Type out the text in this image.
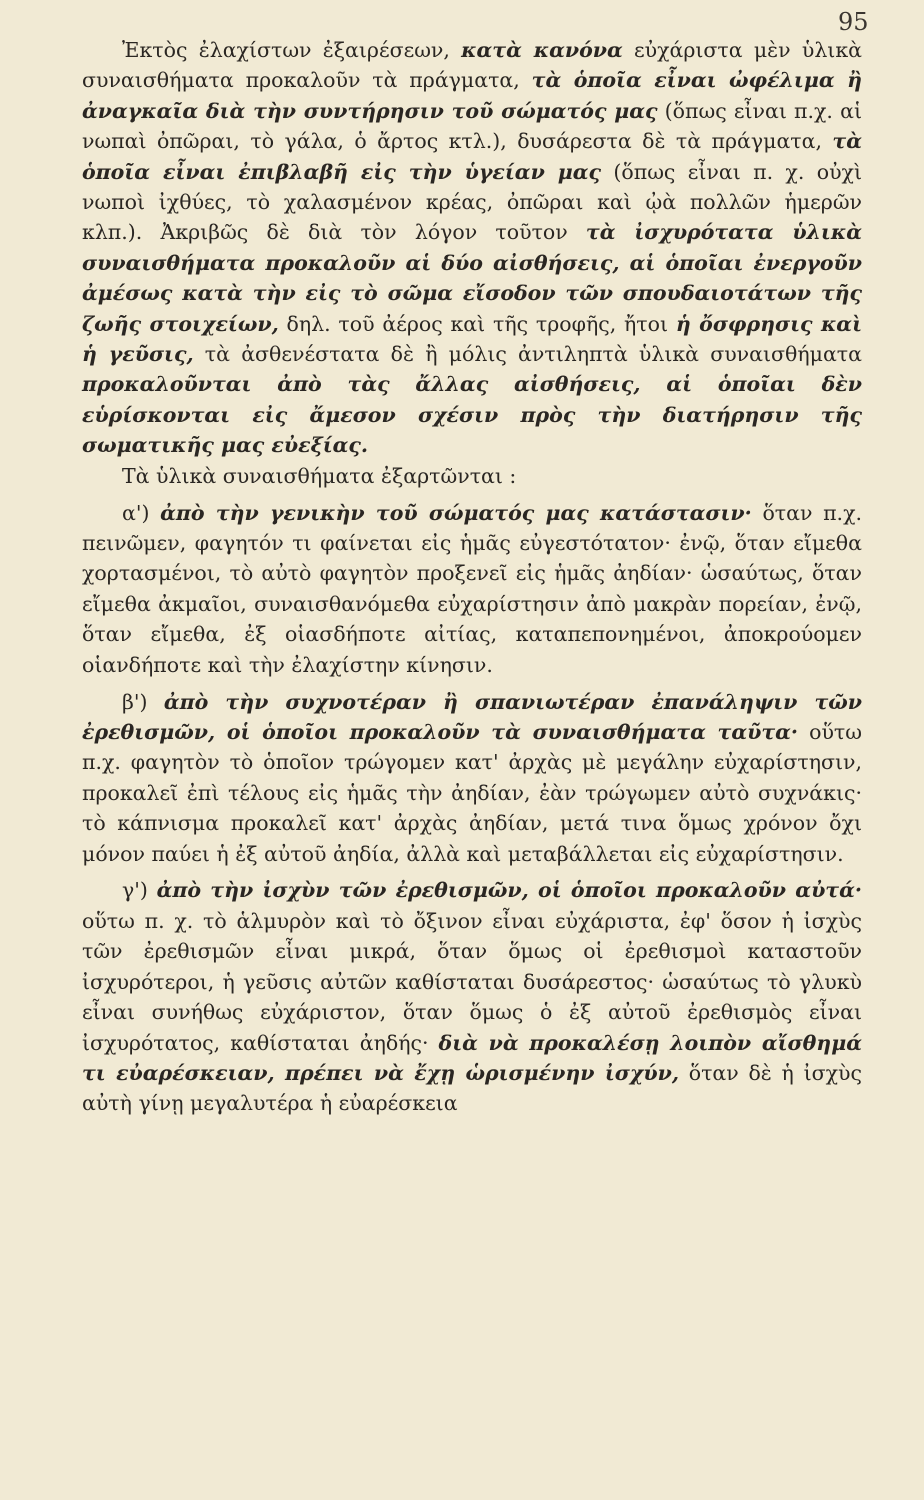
95

Ἐκτὸς ἐλαχίστων ἐξαιρέσεων, κατὰ κανόνα εὐχάριστα μὲν ὑλικὰ συναισθήματα προκαλοῦν τὰ πράγματα, τὰ ὁποῖα εἶναι ὠφέλιμα ἢ ἀναγκαῖα διὰ τὴν συντήρησιν τοῦ σώματός μας (ὅπως εἶναι π.χ. αἱ νωπαὶ ὀπῶραι, τὸ γάλα, ὁ ἄρτος κτλ.), δυσάρεστα δὲ τὰ πράγματα, τὰ ὁποῖα εἶναι ἐπιβλαβῆ εἰς τὴν ὑγείαν μας (ὅπως εἶναι π. χ. οὐχὶ νωποὶ ἰχθύες, τὸ χαλασμένον κρέας, ὀπῶραι καὶ ᾠὰ πολλῶν ἡμερῶν κλπ.). Ἀκριβῶς δὲ διὰ τὸν λόγον τοῦτον τὰ ἰσχυρότατα ὑλικὰ συναισθήματα προκαλοῦν αἱ δύο αἰσθήσεις, αἱ ὁποῖαι ἐνεργοῦν ἀμέσως κατὰ τὴν εἰς τὸ σῶμα εἴσοδον τῶν σπουδαιοτάτων τῆς ζωῆς στοιχείων, δηλ. τοῦ ἀέρος καὶ τῆς τροφῆς, ἤτοι ἡ ὄσφρησις καὶ ἡ γεῦσις, τὰ ἀσθενέστατα δὲ ἢ μόλις ἀντιληπτὰ ὑλικὰ συναισθήματα προκαλοῦνται ἀπὸ τὰς ἄλλας αἰσθήσεις, αἱ ὁποῖαι δὲν εὑρίσκονται εἰς ἄμεσον σχέσιν πρὸς τὴν διατήρησιν τῆς σωματικῆς μας εὐεξίας.

Τὰ ὑλικὰ συναισθήματα ἐξαρτῶνται :

α') ἀπὸ τὴν γενικὴν τοῦ σώματός μας κατάστασιν· ὅταν π.χ. πεινῶμεν, φαγητόν τι φαίνεται εἰς ἡμᾶς εὐγεστότατον· ἐνῷ, ὅταν εἴμεθα χορτασμένοι, τὸ αὐτὸ φαγητὸν προξενεῖ εἰς ἡμᾶς ἀηδίαν· ὡσαύτως, ὅταν εἴμεθα ἀκμαῖοι, συναισθανόμεθα εὐχαρίστησιν ἀπὸ μακρὰν πορείαν, ἐνῷ, ὅταν εἴμεθα, ἐξ οἱασδήποτε αἰτίας, καταπεπονημένοι, ἀποκρούομεν οἱανδήποτε καὶ τὴν ἐλαχίστην κίνησιν.

β') ἀπὸ τὴν συχνοτέραν ἢ σπανιωτέραν ἐπανάληψιν τῶν ἐρεθισμῶν, οἱ ὁποῖοι προκαλοῦν τὰ συναισθήματα ταῦτα· οὕτω π.χ. φαγητὸν τὸ ὁποῖον τρώγομεν κατ' ἀρχὰς μὲ μεγάλην εὐχαρίστησιν, προκαλεῖ ἐπὶ τέλους εἰς ἡμᾶς τὴν ἀηδίαν, ἐὰν τρώγωμεν αὐτὸ συχνάκις· τὸ κάπνισμα προκαλεῖ κατ' ἀρχὰς ἀηδίαν, μετά τινα ὅμως χρόνον ὄχι μόνον παύει ἡ ἐξ αὐτοῦ ἀηδία, ἀλλὰ καὶ μεταβάλλεται εἰς εὐχαρίστησιν.

γ') ἀπὸ τὴν ἰσχὺν τῶν ἐρεθισμῶν, οἱ ὁποῖοι προκαλοῦν αὐτά· οὕτω π. χ. τὸ ἁλμυρὸν καὶ τὸ ὄξινον εἶναι εὐχάριστα, ἐφ' ὅσον ἡ ἰσχὺς τῶν ἐρεθισμῶν εἶναι μικρά, ὅταν ὅμως οἱ ἐρεθισμοὶ καταστοῦν ἰσχυρότεροι, ἡ γεῦσις αὐτῶν καθίσταται δυσάρεστος· ὡσαύτως τὸ γλυκὺ εἶναι συνήθως εὐχάριστον, ὅταν ὅμως ὁ ἐξ αὐτοῦ ἐρεθισμὸς εἶναι ἰσχυρότατος, καθίσταται ἀηδής· διὰ νὰ προκαλέσῃ λοιπὸν αἴσθημά τι εὐαρέσκειαν, πρέπει νὰ ἔχῃ ὡρισμένην ἰσχύν, ὅταν δὲ ἡ ἰσχὺς αὐτὴ γίνῃ μεγαλυτέρα ἡ εὐαρέσκεια
